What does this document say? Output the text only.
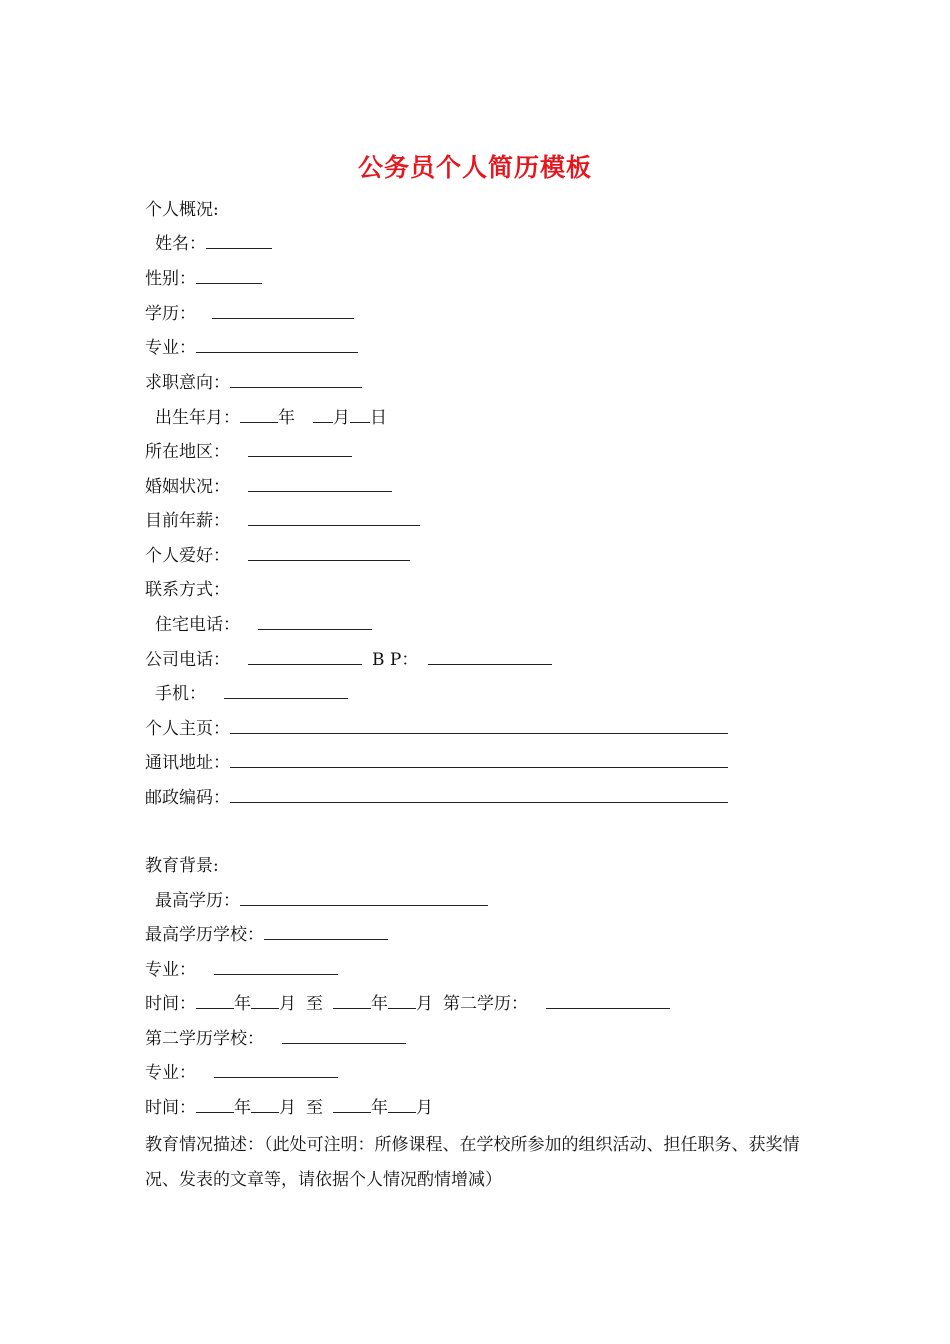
公务员个人简历模板
个人概况:
姓名：
性别：
学历：
专业：
求职意向：
出生年月： 年 月 日
所在地区：
婚姻状况：
目前年薪：
个人爱好：
联系方式：
住宅电话：
公司电话：	B P：
手机：
个人主页：
通讯地址：
邮政编码：
教育背景:
最高学历：
最高学历学校：
专业：
时间： 年 月 至	年 月 第二学历：
第二学历学校：
专业：
时间： 年 月 至	年 月
教育情况描述：（此处可注明：所修课程、在学校所参加的组织活动、担任职务、获奖情况、发表的文章等，请依据个人情况酌情增减）
